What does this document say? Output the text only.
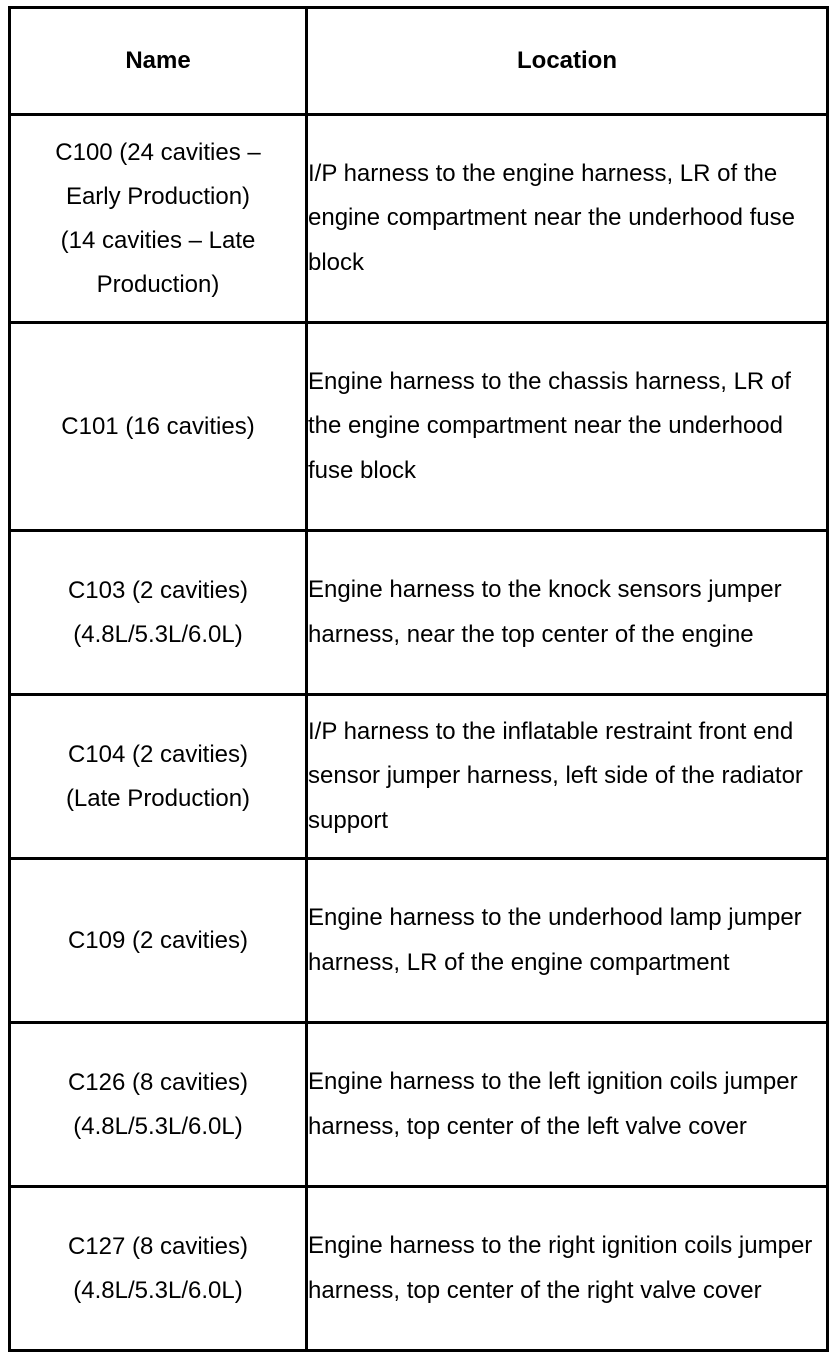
Name	Location

C100 (24 cavities –
Early Production)
(14 cavities – Late
Production)	I/P harness to the engine harness, LR of the engine compartment near the underhood fuse block

C101 (16 cavities)	Engine harness to the chassis harness, LR of the engine compartment near the underhood fuse block

C103 (2 cavities)
(4.8L/5.3L/6.0L)	Engine harness to the knock sensors jumper harness, near the top center of the engine

C104 (2 cavities)
(Late Production)	I/P harness to the inflatable restraint front end sensor jumper harness, left side of the radiator support

C109 (2 cavities)	Engine harness to the underhood lamp jumper harness, LR of the engine compartment

C126 (8 cavities)
(4.8L/5.3L/6.0L)	Engine harness to the left ignition coils jumper harness, top center of the left valve cover

C127 (8 cavities)
(4.8L/5.3L/6.0L)	Engine harness to the right ignition coils jumper harness, top center of the right valve cover
